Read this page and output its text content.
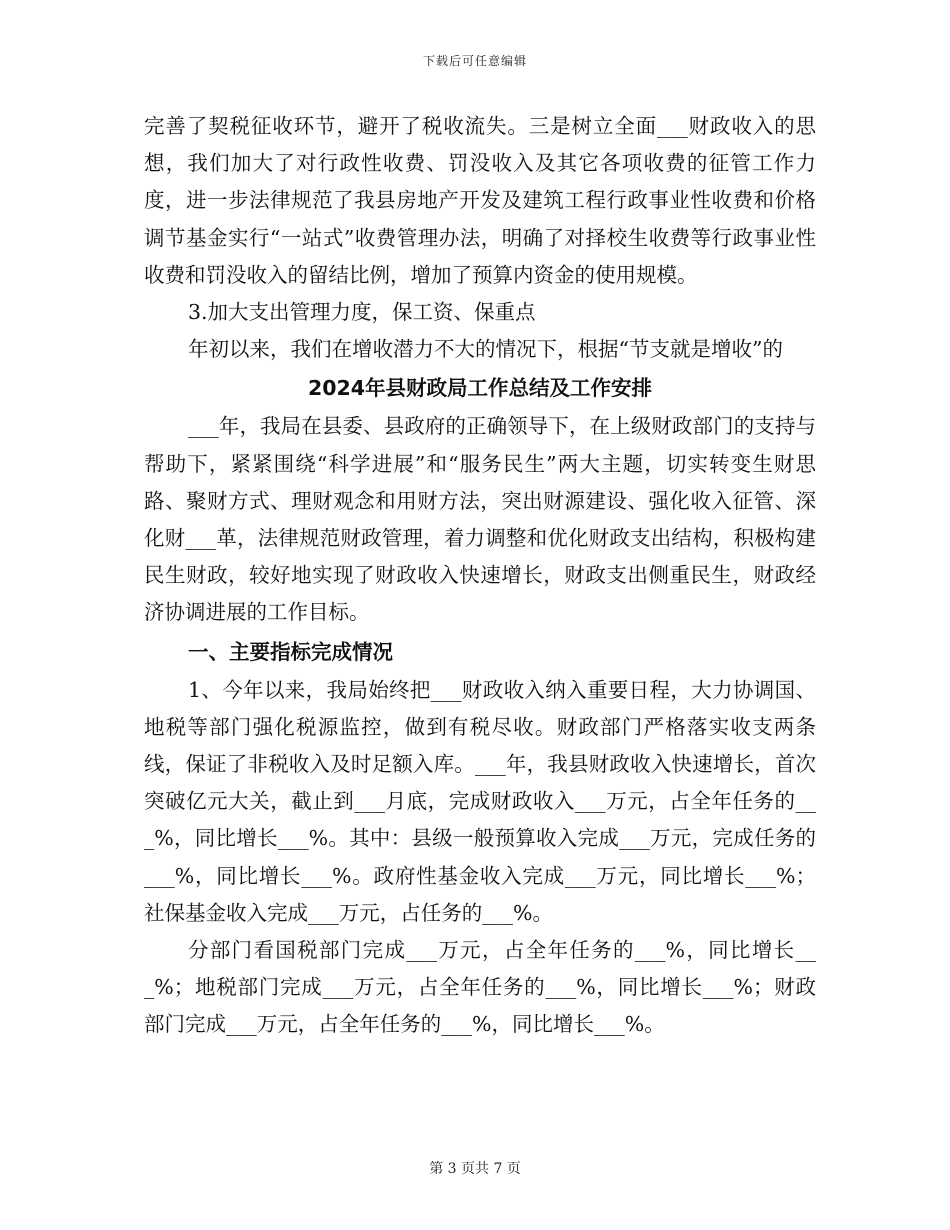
下载后可任意编辑

完善了契税征收环节，避开了税收流失。三是树立全面___财政收入的思想，我们加大了对行政性收费、罚没收入及其它各项收费的征管工作力度，进一步法律规范了我县房地产开发及建筑工程行政事业性收费和价格调节基金实行“一站式”收费管理办法，明确了对择校生收费等行政事业性收费和罚没收入的留结比例，增加了预算内资金的使用规模。

3.加大支出管理力度，保工资、保重点

年初以来，我们在增收潜力不大的情况下，根据“节支就是增收”的

2024年县财政局工作总结及工作安排

___年，我局在县委、县政府的正确领导下，在上级财政部门的支持与帮助下，紧紧围绕“科学进展”和“服务民生”两大主题，切实转变生财思路、聚财方式、理财观念和用财方法，突出财源建设、强化收入征管、深化财___革，法律规范财政管理，着力调整和优化财政支出结构，积极构建民生财政，较好地实现了财政收入快速增长，财政支出侧重民生，财政经济协调进展的工作目标。

一、主要指标完成情况

1、今年以来，我局始终把___财政收入纳入重要日程，大力协调国、地税等部门强化税源监控，做到有税尽收。财政部门严格落实收支两条线，保证了非税收入及时足额入库。___年，我县财政收入快速增长，首次突破亿元大关，截止到___月底，完成财政收入___万元，占全年任务的___%，同比增长___%。其中：县级一般预算收入完成___万元，完成任务的___%，同比增长___%。政府性基金收入完成___万元，同比增长___%；社保基金收入完成___万元，占任务的___%。

分部门看国税部门完成___万元，占全年任务的___%，同比增长___%；地税部门完成___万元，占全年任务的___%，同比增长___%；财政部门完成___万元，占全年任务的___%，同比增长___%。

第 3 页共 7 页
